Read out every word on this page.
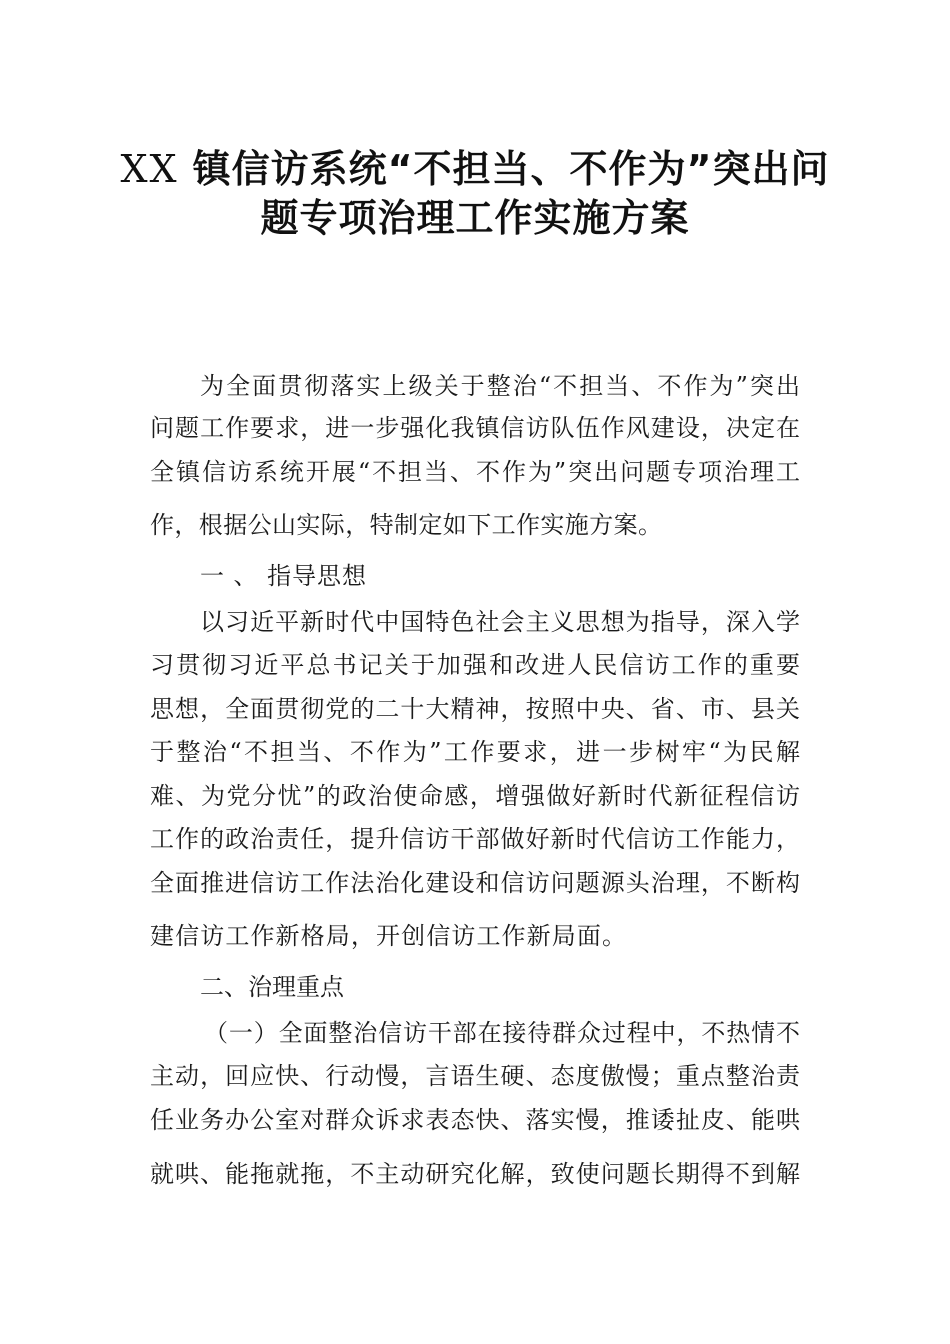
XX 镇信访系统“不担当、不作为”突出问
题专项治理工作实施方案
为全面贯彻落实上级关于整治“不担当、不作为”突出
问题工作要求，进一步强化我镇信访队伍作风建设，决定在
全镇信访系统开展“不担当、不作为”突出问题专项治理工
作，根据公山实际，特制定如下工作实施方案。
一 、 指导思想
以习近平新时代中国特色社会主义思想为指导，深入学
习贯彻习近平总书记关于加强和改进人民信访工作的重要
思想，全面贯彻党的二十大精神，按照中央、省、市、县关
于整治“不担当、不作为”工作要求，进一步树牢“为民解
难、为党分忧”的政治使命感，增强做好新时代新征程信访
工作的政治责任，提升信访干部做好新时代信访工作能力，
全面推进信访工作法治化建设和信访问题源头治理，不断构
建信访工作新格局，开创信访工作新局面。
二、治理重点
（一）全面整治信访干部在接待群众过程中，不热情不
主动，回应快、行动慢，言语生硬、态度傲慢；重点整治责
任业务办公室对群众诉求表态快、落实慢，推诿扯皮、能哄
就哄、能拖就拖，不主动研究化解，致使问题长期得不到解
